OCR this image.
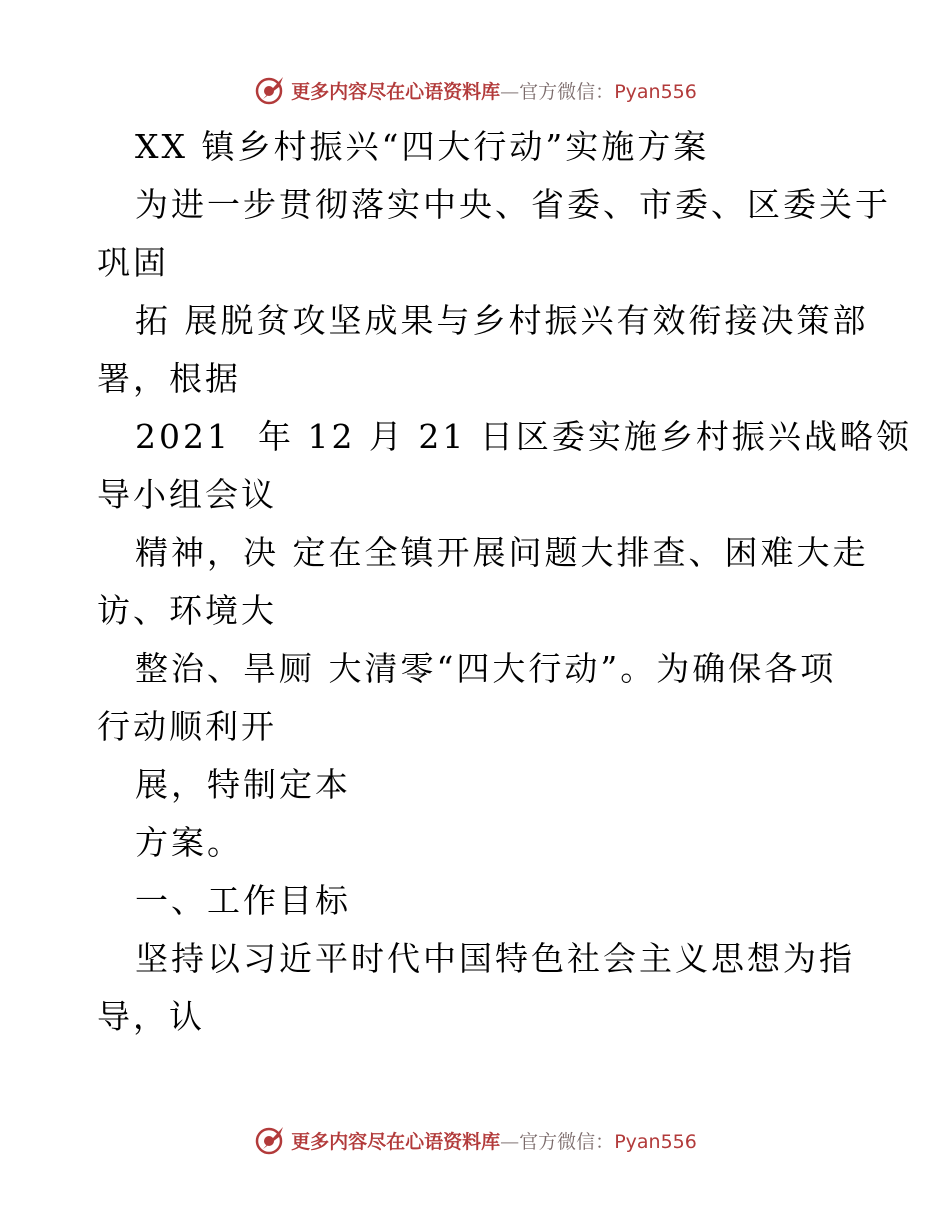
更多内容尽在心语资料库—官方微信：Pyan556
XX 镇乡村振兴“四大行动”实施方案
为进一步贯彻落实中央、省委、市委、区委关于
巩固
拓 展脱贫攻坚成果与乡村振兴有效衔接决策部
署，根据
2021  年 12 月 21 日区委实施乡村振兴战略领
导小组会议
精神，决 定在全镇开展问题大排查、困难大走
访、环境大
整治、旱厕 大清零“四大行动”。为确保各项
行动顺利开
展，特制定本
方案。
一、工作目标
坚持以习近平时代中国特色社会主义思想为指
导，认
更多内容尽在心语资料库—官方微信：Pyan556
